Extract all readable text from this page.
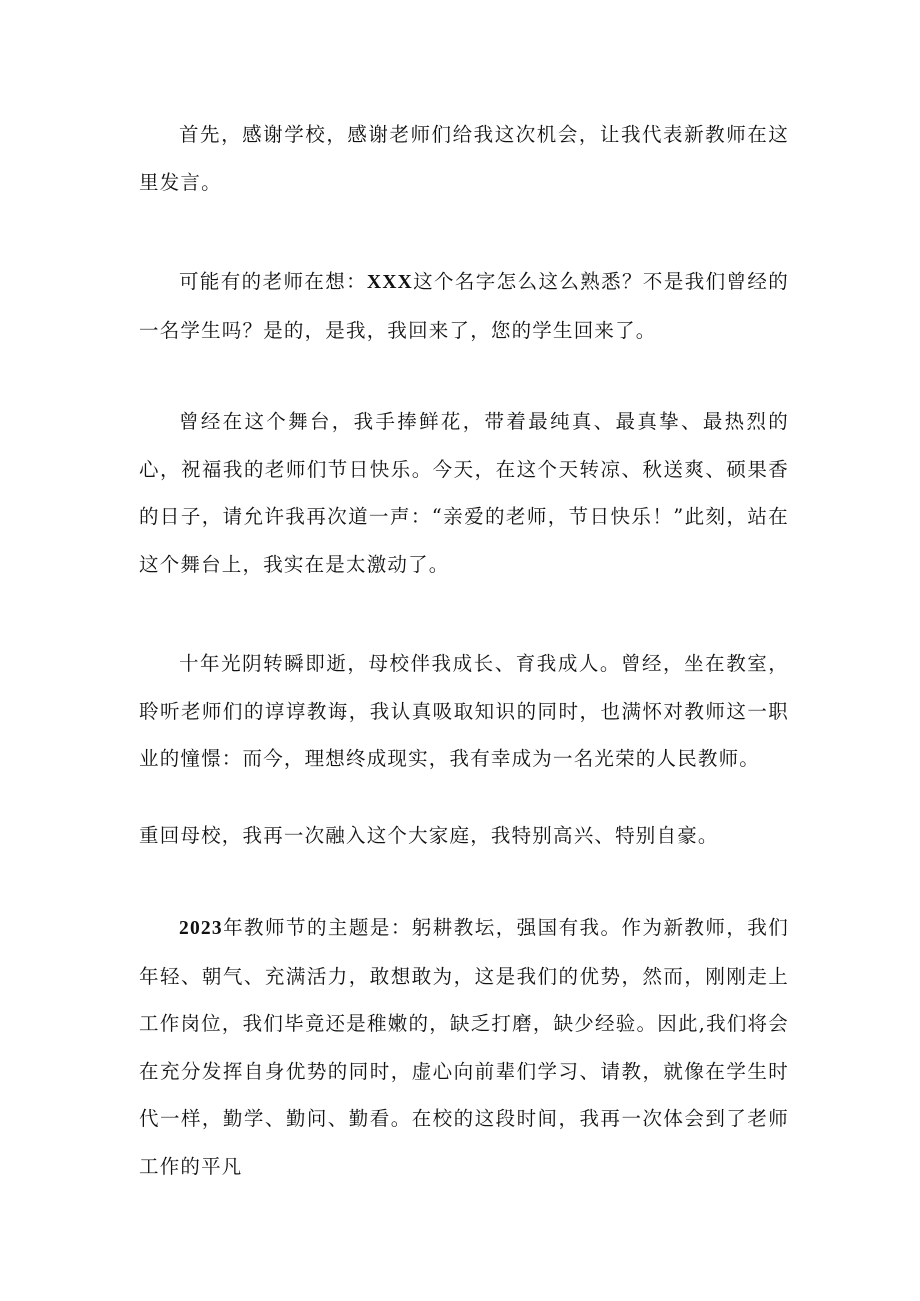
首先，感谢学校，感谢老师们给我这次机会，让我代表新教师在这里发言。

可能有的老师在想：XXX这个名字怎么这么熟悉？不是我们曾经的一名学生吗？是的，是我，我回来了，您的学生回来了。

曾经在这个舞台，我手捧鲜花，带着最纯真、最真挚、最热烈的心，祝福我的老师们节日快乐。今天，在这个天转凉、秋送爽、硕果香的日子，请允许我再次道一声：“亲爱的老师，节日快乐！”此刻，站在这个舞台上，我实在是太激动了。

十年光阴转瞬即逝，母校伴我成长、育我成人。曾经，坐在教室，聆听老师们的谆谆教诲，我认真吸取知识的同时，也满怀对教师这一职业的憧憬：而今，理想终成现实，我有幸成为一名光荣的人民教师。

重回母校，我再一次融入这个大家庭，我特别高兴、特别自豪。

2023年教师节的主题是：躬耕教坛，强国有我。作为新教师，我们年轻、朝气、充满活力，敢想敢为，这是我们的优势，然而，刚刚走上工作岗位，我们毕竟还是稚嫩的，缺乏打磨，缺少经验。因此,我们将会在充分发挥自身优势的同时，虚心向前辈们学习、请教，就像在学生时代一样，勤学、勤问、勤看。在校的这段时间，我再一次体会到了老师工作的平凡
